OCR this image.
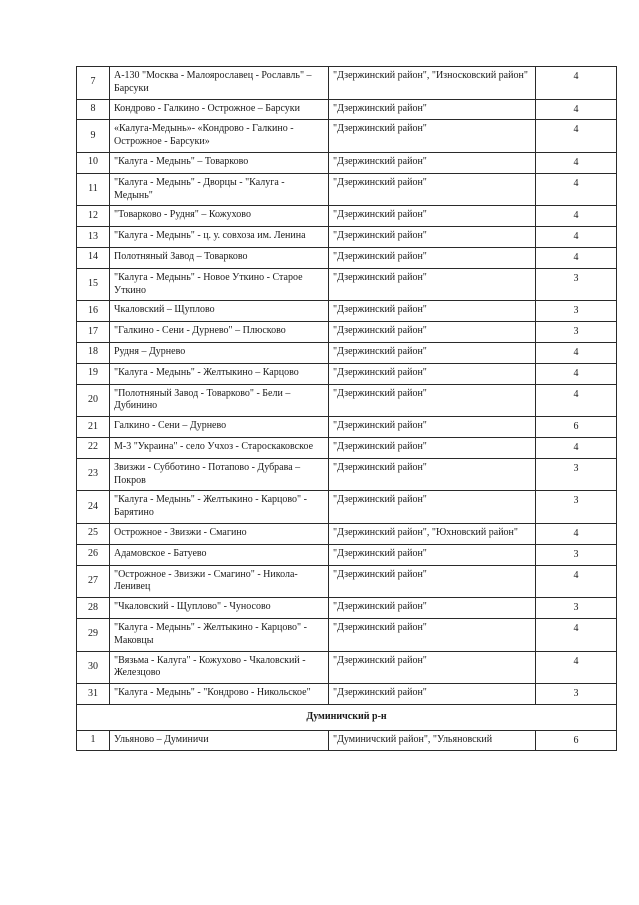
7	А-130 "Москва - Малоярославец - Рославль" – Барсуки	"Дзержинский район", "Износковский район"	4
8	Кондрово - Галкино - Острожное – Барсуки	"Дзержинский район"	4
9	«Калуга-Медынь»- «Кондрово - Галкино - Острожное - Барсуки»	"Дзержинский район"	4
10	"Калуга - Медынь" – Товарково	"Дзержинский район"	4
11	"Калуга - Медынь" - Дворцы - "Калуга - Медынь"	"Дзержинский район"	4
12	"Товарково - Рудня" – Кожухово	"Дзержинский район"	4
13	"Калуга - Медынь" - ц. у. совхоза им. Ленина	"Дзержинский район"	4
14	Полотняный Завод – Товарково	"Дзержинский район"	4
15	"Калуга - Медынь" - Новое Уткино - Старое Уткино	"Дзержинский район"	3
16	Чкаловский – Щуплово	"Дзержинский район"	3
17	"Галкино - Сени - Дурнево" – Плюсково	"Дзержинский район"	3
18	Рудня – Дурнево	"Дзержинский район"	4
19	"Калуга - Медынь" - Желтыкино – Карцово	"Дзержинский район"	4
20	"Полотняный Завод - Товарково" - Бели – Дубинино	"Дзержинский район"	4
21	Галкино - Сени – Дурнево	"Дзержинский район"	6
22	М-3 "Украина" - село Учхоз - Староскаковское	"Дзержинский район"	4
23	Звизжи - Субботино - Потапово - Дубрава – Покров	"Дзержинский район"	3
24	"Калуга - Медынь" - Желтыкино - Карцово" - Барятино	"Дзержинский район"	3
25	Острожное - Звизжи - Смагино	"Дзержинский район", "Юхновский район"	4
26	Адамовское - Батуево	"Дзержинский район"	3
27	"Острожное - Звизжи - Смагино" - Никола-Ленивец	"Дзержинский район"	4
28	"Чкаловский - Щуплово" - Чуносово	"Дзержинский район"	3
29	"Калуга - Медынь" - Желтыкино - Карцово" - Маковцы	"Дзержинский район"	4
30	"Вязьма - Калуга" - Кожухово - Чкаловский - Железцово	"Дзержинский район"	4
31	"Калуга - Медынь" - "Кондрово - Никольское"	"Дзержинский район"	3
Думиничский р-н			
1	Ульяново – Думиничи	"Думиничский район", "Ульяновский	6
